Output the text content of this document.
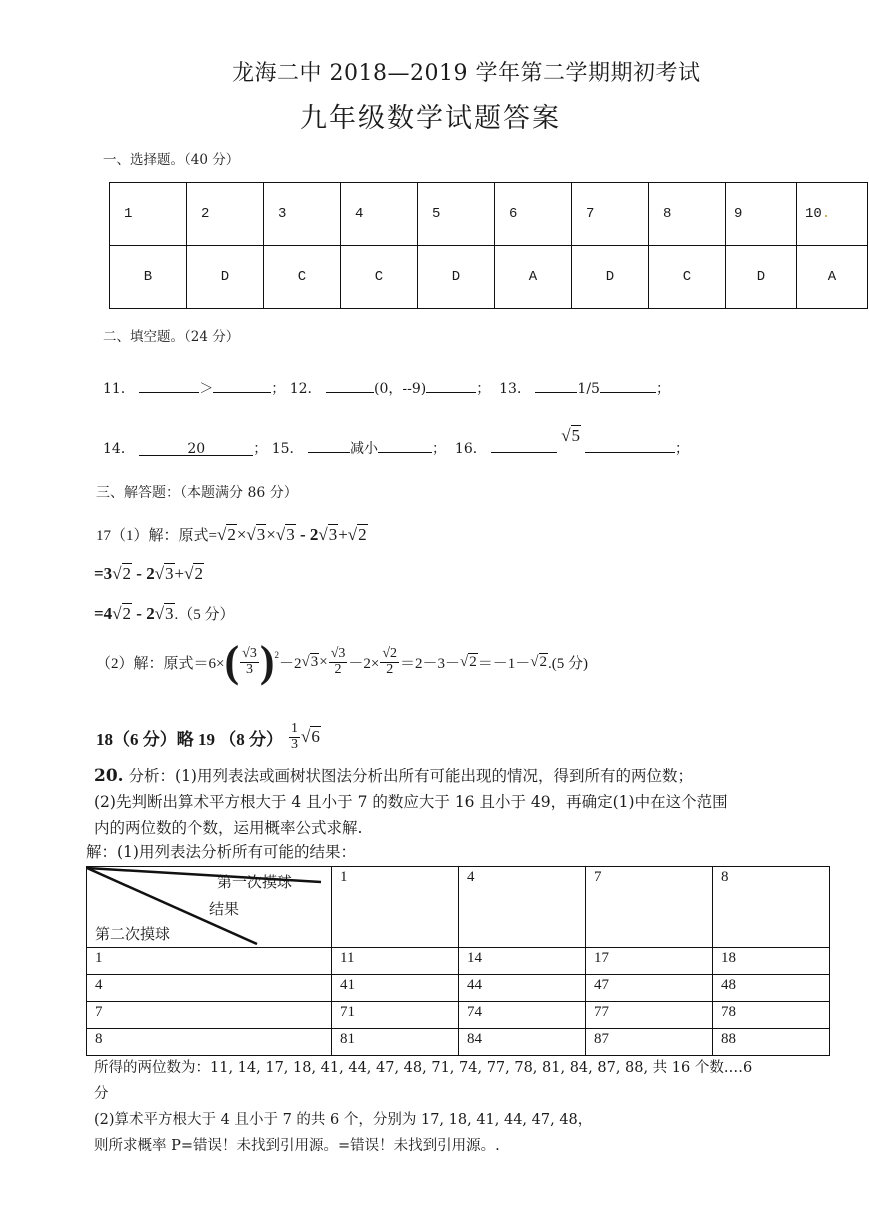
龙海二中 2018—2019 学年第二学期期初考试
九年级数学试题答案
一、选择题。（40 分）
1	2	3	4	5	6	7	8	9	10.
B	D	C	C	D	A	D	C	D	A
二、填空题。（24 分）
11．	＞	； 12．	(0，--9)	； 13．	1/5	；
14．	20	； 15．	减小	； 16． √5；
三、解答题：（本题满分 86 分）
17（1）解：原式=√2×√3×√3 - 2√3+√2
=3√2 - 2√3+√2
=4√2 - 2√3.（5 分）
（2）解：原式＝6× ( $\frac{√3}{3} )^2$
－2 √ $3 \times \frac{√3}{2} -2\times \frac{√2}{2} =2-3-$ √ 2 ＝－1－ √ 2 .(5 分)
18（6 分）略 19 （8 分） $\frac{1}{3}$ √ 6
20. 分析：(1)用列表法或画树状图法分析出所有可能出现的情况，得到所有的两位数；
(2)先判断出算术平方根大于 4 且小于 7 的数应大于 16 且小于 49，再确定(1)中在这个范围
内的两位数的个数，运用概率公式求解.
解：(1)用列表法分析所有可能的结果：
第一次摸球
结果
第二次摸球	1	4	7	8
1	11	14	17	18
4	41	44	47	48
7	71	74	77	78
8	81	84	87	88
所得的两位数为：11, 14, 17, 18, 41, 44, 47, 48, 71, 74, 77, 78, 81, 84, 87, 88, 共 16 个数.…6
分
(2)算术平方根大于 4 且小于 7 的共 6 个，分别为 17, 18, 41, 44, 47, 48，
则所求概率 P=错误！未找到引用源。=错误！未找到引用源。.
